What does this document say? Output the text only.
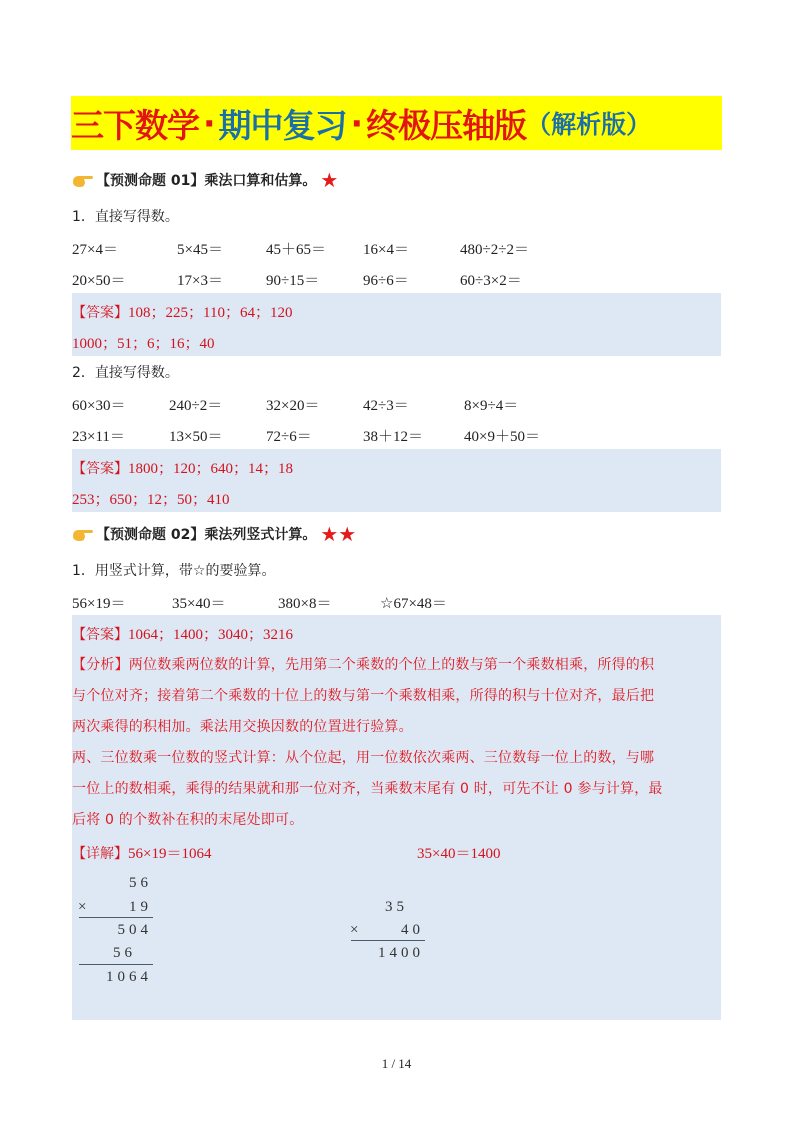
三下数学 · 期中复习 · 终极压轴版 （解析版）
【预测命题 01】乘法口算和估算。 ★
1．直接写得数。
27×4＝	5×45＝	45＋65＝ 16×4＝	480÷2÷2＝
20×50＝	17×3＝	90÷15＝	96÷6＝	60÷3×2＝
【答案】108；225；110；64；120
1000；51；6；16；40
2．直接写得数。
60×30＝	240÷2＝	32×20＝	42÷3＝	8×9÷4＝
23×11＝	13×50＝	72÷6＝	38＋12＝	40×9＋50＝
【答案】1800；120；640；14；18
253；650；12；50；410
【预测命题 02】乘法列竖式计算。 ★★
1．用竖式计算，带☆的要验算。
56×19＝	35×40＝	380×8＝	☆67×48＝
【答案】1064；1400；3040；3216
【分析】两位数乘两位数的计算，先用第二个乘数的个位上的数与第一个乘数相乘，所得的积
与个位对齐；接着第二个乘数的十位上的数与第一个乘数相乘，所得的积与十位对齐，最后把
两次乘得的积相加。乘法用交换因数的位置进行验算。
两、三位数乘一位数的竖式计算：从个位起，用一位数依次乘两、三位数每一位上的数，与哪
一位上的数相乘，乘得的结果就和那一位对齐，当乘数末尾有 0 时，可先不让 0 参与计算，最
后将 0 的个数补在积的末尾处即可。
【详解】56×19＝1064	35×40＝1400
56
×	19
504
56
1064
35
×	40
1400
1 / 14
